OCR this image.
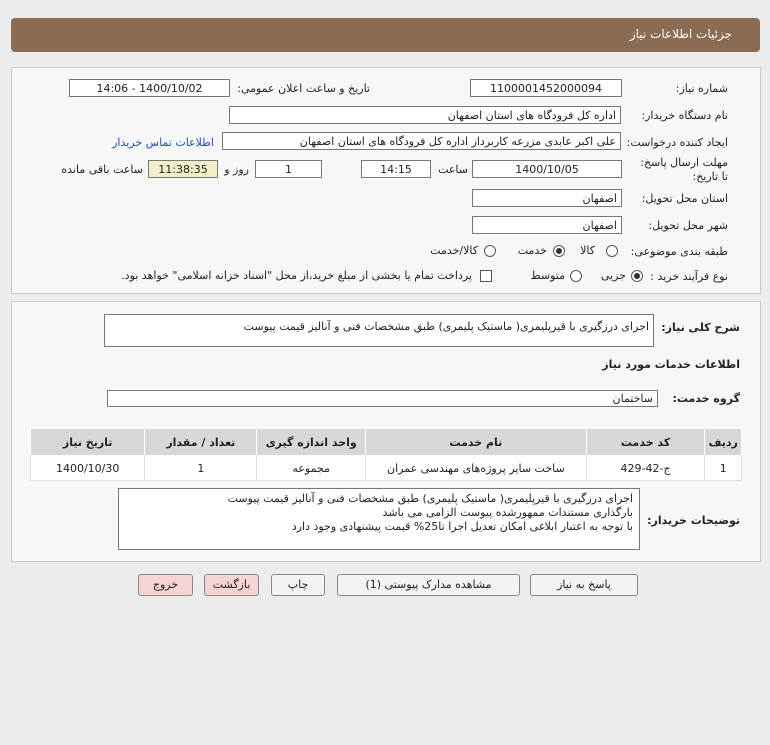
جزئیات اطلاعات نیاز
شماره نیاز:
1100001452000094
تاریخ و ساعت اعلان عمومی:
1400/10/02 - 14:06
نام دستگاه خریدار:
اداره کل فرودگاه های استان اصفهان
ایجاد کننده درخواست:
علی اکبر عابدی مزرعه کاربرداز اداره کل فرودگاه های استان اصفهان
اطلاعات تماس خریدار
مهلت ارسال پاسخ: تا تاریخ:
1400/10/05
ساعت
14:15
1
روز و
11:38:35
ساعت باقی مانده
استان محل تحویل:
اصفهان
شهر محل تحویل:
اصفهان
طبقه بندی موضوعی:
کالا
خدمت
کالا/خدمت
نوع فرآیند خرید :
جزیی
متوسط
پرداخت تمام یا بخشی از مبلغ خرید،از محل "اسناد خزانه اسلامی" خواهد بود.
شرح کلی نیاز:
اجرای درزگیری با قیرپلیمری( ماستیک پلیمری) طبق مشخصات فنی و آنالیز قیمت پیوست
اطلاعات خدمات مورد نیاز
گروه خدمت:
ساختمان
ردیف	کد خدمت	نام خدمت	واحد اندازه گیری	تعداد / مقدار	تاریخ نیاز
1	ج-42-429	ساخت سایر پروژه‌های مهندسی عمران	مجموعه	1	1400/10/30
توضیحات خریدار:
اجرای درزگیری با قیرپلیمری( ماستیک پلیمری) طبق مشخصات فنی و آنالیز قیمت پیوست
بارگذاری مستندات ممهورشده پیوست الزامی می باشد
با توجه به اعتبار ابلاغی امکان تعدیل اجرا تا25% قیمت پیشنهادی وجود دارد
پاسخ به نیاز
مشاهده مدارک پیوستی (1)
چاپ
بازگشت
خروج
